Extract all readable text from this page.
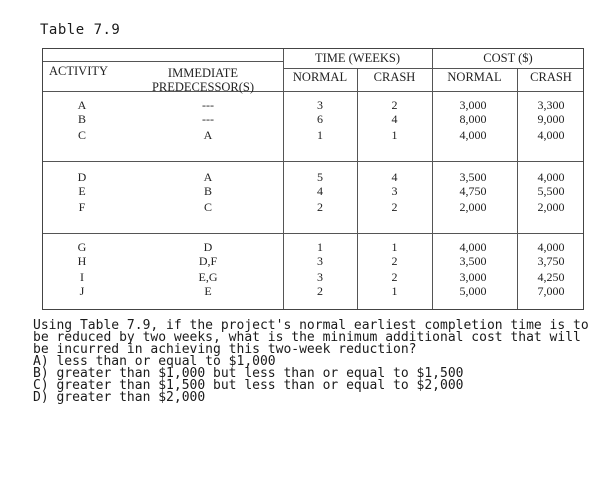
Table 7.9
TIME (WEEKS)	COST ($)
ACTIVITY	IMMEDIATE
PREDECESSOR(S)
NORMAL	CRASH	NORMAL	CRASH
A	---	3	2	3,000	3,300
B	---	6	4	8,000	9,000
C	A	1	1	4,000	4,000
D	A	5	4	3,500	4,000
E	B	4	3	4,750	5,500
F	C	2	2	2,000	2,000
G	D	1	1	4,000	4,000
H	D,F	3	2	3,500	3,750
I	E,G	3	2	3,000	4,250
J	E	2	1	5,000	7,000

Using Table 7.9, if the project's normal earliest completion time is to be reduced by two weeks, what is the minimum additional cost that will be incurred in achieving this two-week reduction?

A) less than or equal to $1,000
B) greater than $1,000 but less than or equal to $1,500
C) greater than $1,500 but less than or equal to $2,000
D) greater than $2,000
